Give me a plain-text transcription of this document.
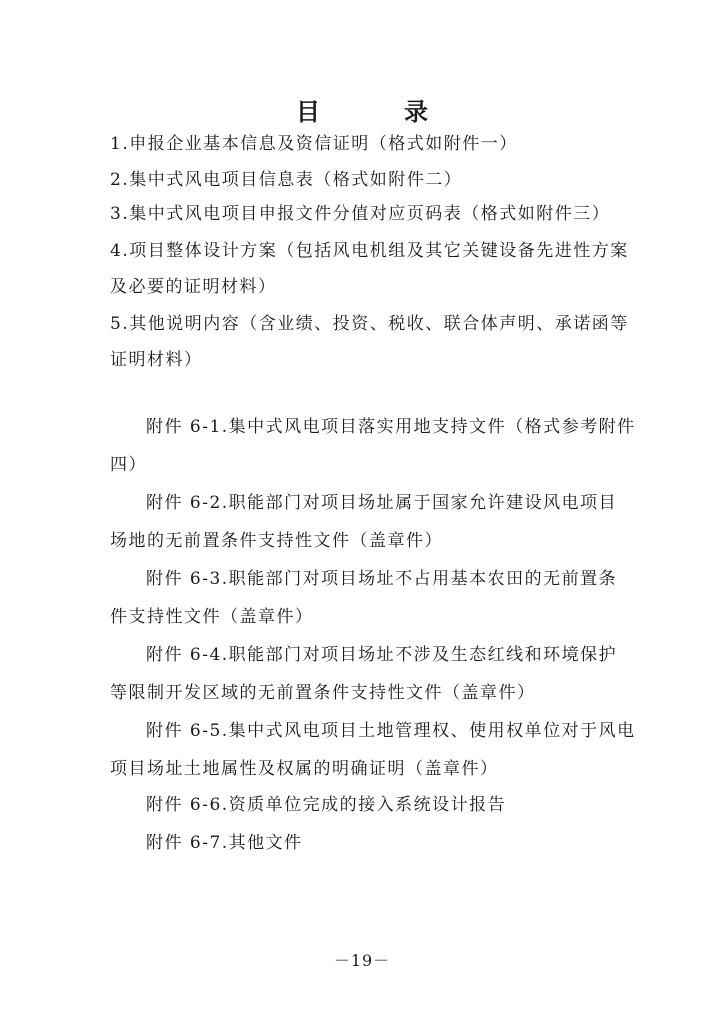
目　录
1.申报企业基本信息及资信证明（格式如附件一）
2.集中式风电项目信息表（格式如附件二）
3.集中式风电项目申报文件分值对应页码表（格式如附件三）
4.项目整体设计方案（包括风电机组及其它关键设备先进性方案
及必要的证明材料）
5.其他说明内容（含业绩、投资、税收、联合体声明、承诺函等
证明材料）
附件 6-1.集中式风电项目落实用地支持文件（格式参考附件
四）
附件 6-2.职能部门对项目场址属于国家允许建设风电项目
场地的无前置条件支持性文件（盖章件）
附件 6-3.职能部门对项目场址不占用基本农田的无前置条
件支持性文件（盖章件）
附件 6-4.职能部门对项目场址不涉及生态红线和环境保护
等限制开发区域的无前置条件支持性文件（盖章件）
附件 6-5.集中式风电项目土地管理权、使用权单位对于风电
项目场址土地属性及权属的明确证明（盖章件）
附件 6-6.资质单位完成的接入系统设计报告
附件 6-7.其他文件
－19－
